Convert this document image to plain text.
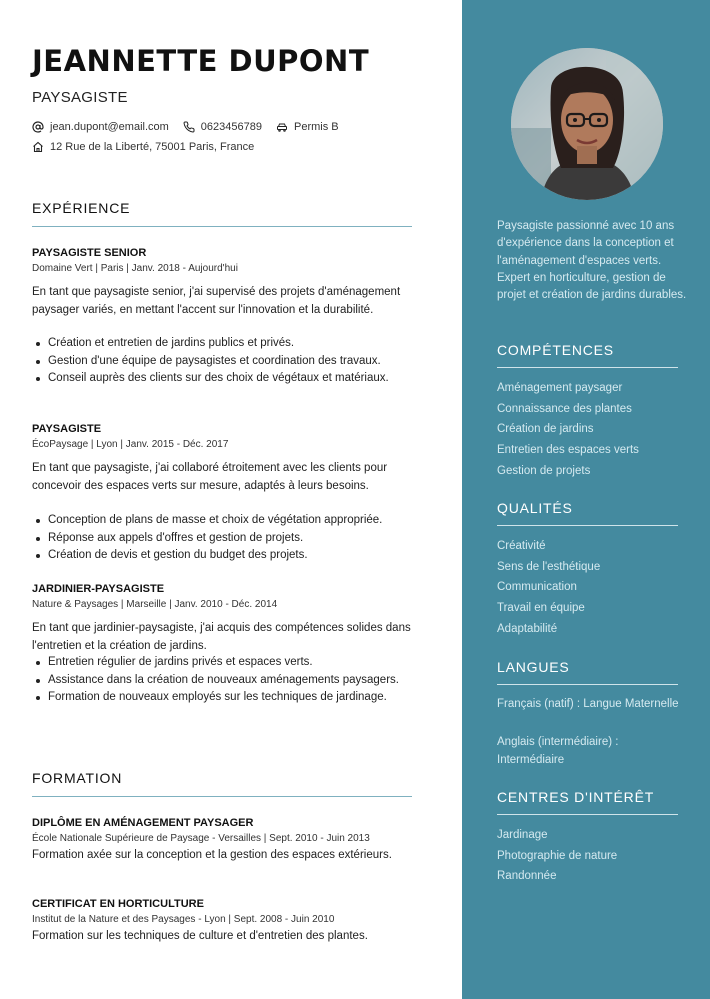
JEANNETTE DUPONT
PAYSAGISTE
jean.dupont@email.com	0623456789	Permis B
12 Rue de la Liberté, 75001 Paris, France
EXPÉRIENCE
PAYSAGISTE SENIOR
Domaine Vert | Paris | Janv. 2018 - Aujourd'hui
En tant que paysagiste senior, j'ai supervisé des projets d'aménagement paysager variés, en mettant l'accent sur l'innovation et la durabilité.
Création et entretien de jardins publics et privés.
Gestion d'une équipe de paysagistes et coordination des travaux.
Conseil auprès des clients sur des choix de végétaux et matériaux.
PAYSAGISTE
ÉcoPaysage | Lyon | Janv. 2015 - Déc. 2017
En tant que paysagiste, j'ai collaboré étroitement avec les clients pour concevoir des espaces verts sur mesure, adaptés à leurs besoins.
Conception de plans de masse et choix de végétation appropriée.
Réponse aux appels d'offres et gestion de projets.
Création de devis et gestion du budget des projets.
JARDINIER-PAYSAGISTE
Nature & Paysages | Marseille | Janv. 2010 - Déc. 2014
En tant que jardinier-paysagiste, j'ai acquis des compétences solides dans l'entretien et la création de jardins.
Entretien régulier de jardins privés et espaces verts.
Assistance dans la création de nouveaux aménagements paysagers.
Formation de nouveaux employés sur les techniques de jardinage.
FORMATION
DIPLÔME EN AMÉNAGEMENT PAYSAGER
École Nationale Supérieure de Paysage - Versailles | Sept. 2010 - Juin 2013
Formation axée sur la conception et la gestion des espaces extérieurs.
CERTIFICAT EN HORTICULTURE
Institut de la Nature et des Paysages - Lyon | Sept. 2008 - Juin 2010
Formation sur les techniques de culture et d'entretien des plantes.
Paysagiste passionné avec 10 ans d'expérience dans la conception et l'aménagement d'espaces verts. Expert en horticulture, gestion de projet et création de jardins durables.
COMPÉTENCES
Aménagement paysager
Connaissance des plantes
Création de jardins
Entretien des espaces verts
Gestion de projets
QUALITÉS
Créativité
Sens de l'esthétique
Communication
Travail en équipe
Adaptabilité
LANGUES
Français (natif) : Langue Maternelle
Anglais (intermédiaire) : Intermédiaire
CENTRES D'INTÉRÊT
Jardinage
Photographie de nature
Randonnée
